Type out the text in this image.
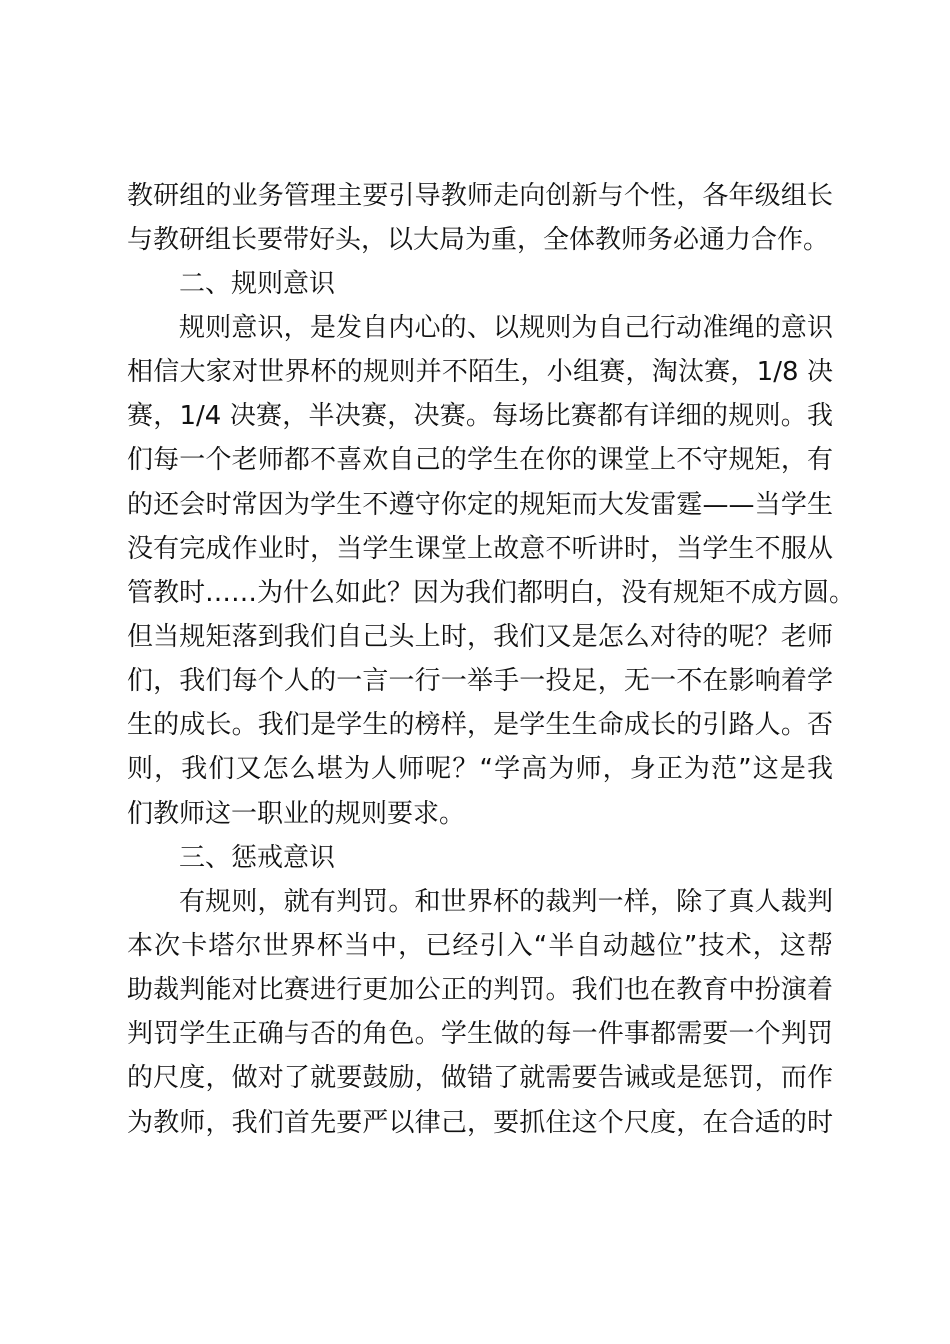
教研组的业务管理主要引导教师走向创新与个性，各年级组长
与教研组长要带好头，以大局为重，全体教师务必通力合作。
二、规则意识
规则意识，是发自内心的、以规则为自己行动准绳的意识
相信大家对世界杯的规则并不陌生，小组赛，淘汰赛，1/8 决
赛，1/4 决赛，半决赛，决赛。每场比赛都有详细的规则。我
们每一个老师都不喜欢自己的学生在你的课堂上不守规矩，有
的还会时常因为学生不遵守你定的规矩而大发雷霆——当学生
没有完成作业时，当学生课堂上故意不听讲时，当学生不服从
管教时……为什么如此？因为我们都明白，没有规矩不成方圆。
但当规矩落到我们自己头上时，我们又是怎么对待的呢？老师
们，我们每个人的一言一行一举手一投足，无一不在影响着学
生的成长。我们是学生的榜样，是学生生命成长的引路人。否
则，我们又怎么堪为人师呢？“学高为师，身正为范”这是我
们教师这一职业的规则要求。
三、惩戒意识
有规则，就有判罚。和世界杯的裁判一样，除了真人裁判
本次卡塔尔世界杯当中，已经引入“半自动越位”技术，这帮
助裁判能对比赛进行更加公正的判罚。我们也在教育中扮演着
判罚学生正确与否的角色。学生做的每一件事都需要一个判罚
的尺度，做对了就要鼓励，做错了就需要告诫或是惩罚，而作
为教师，我们首先要严以律己，要抓住这个尺度，在合适的时
